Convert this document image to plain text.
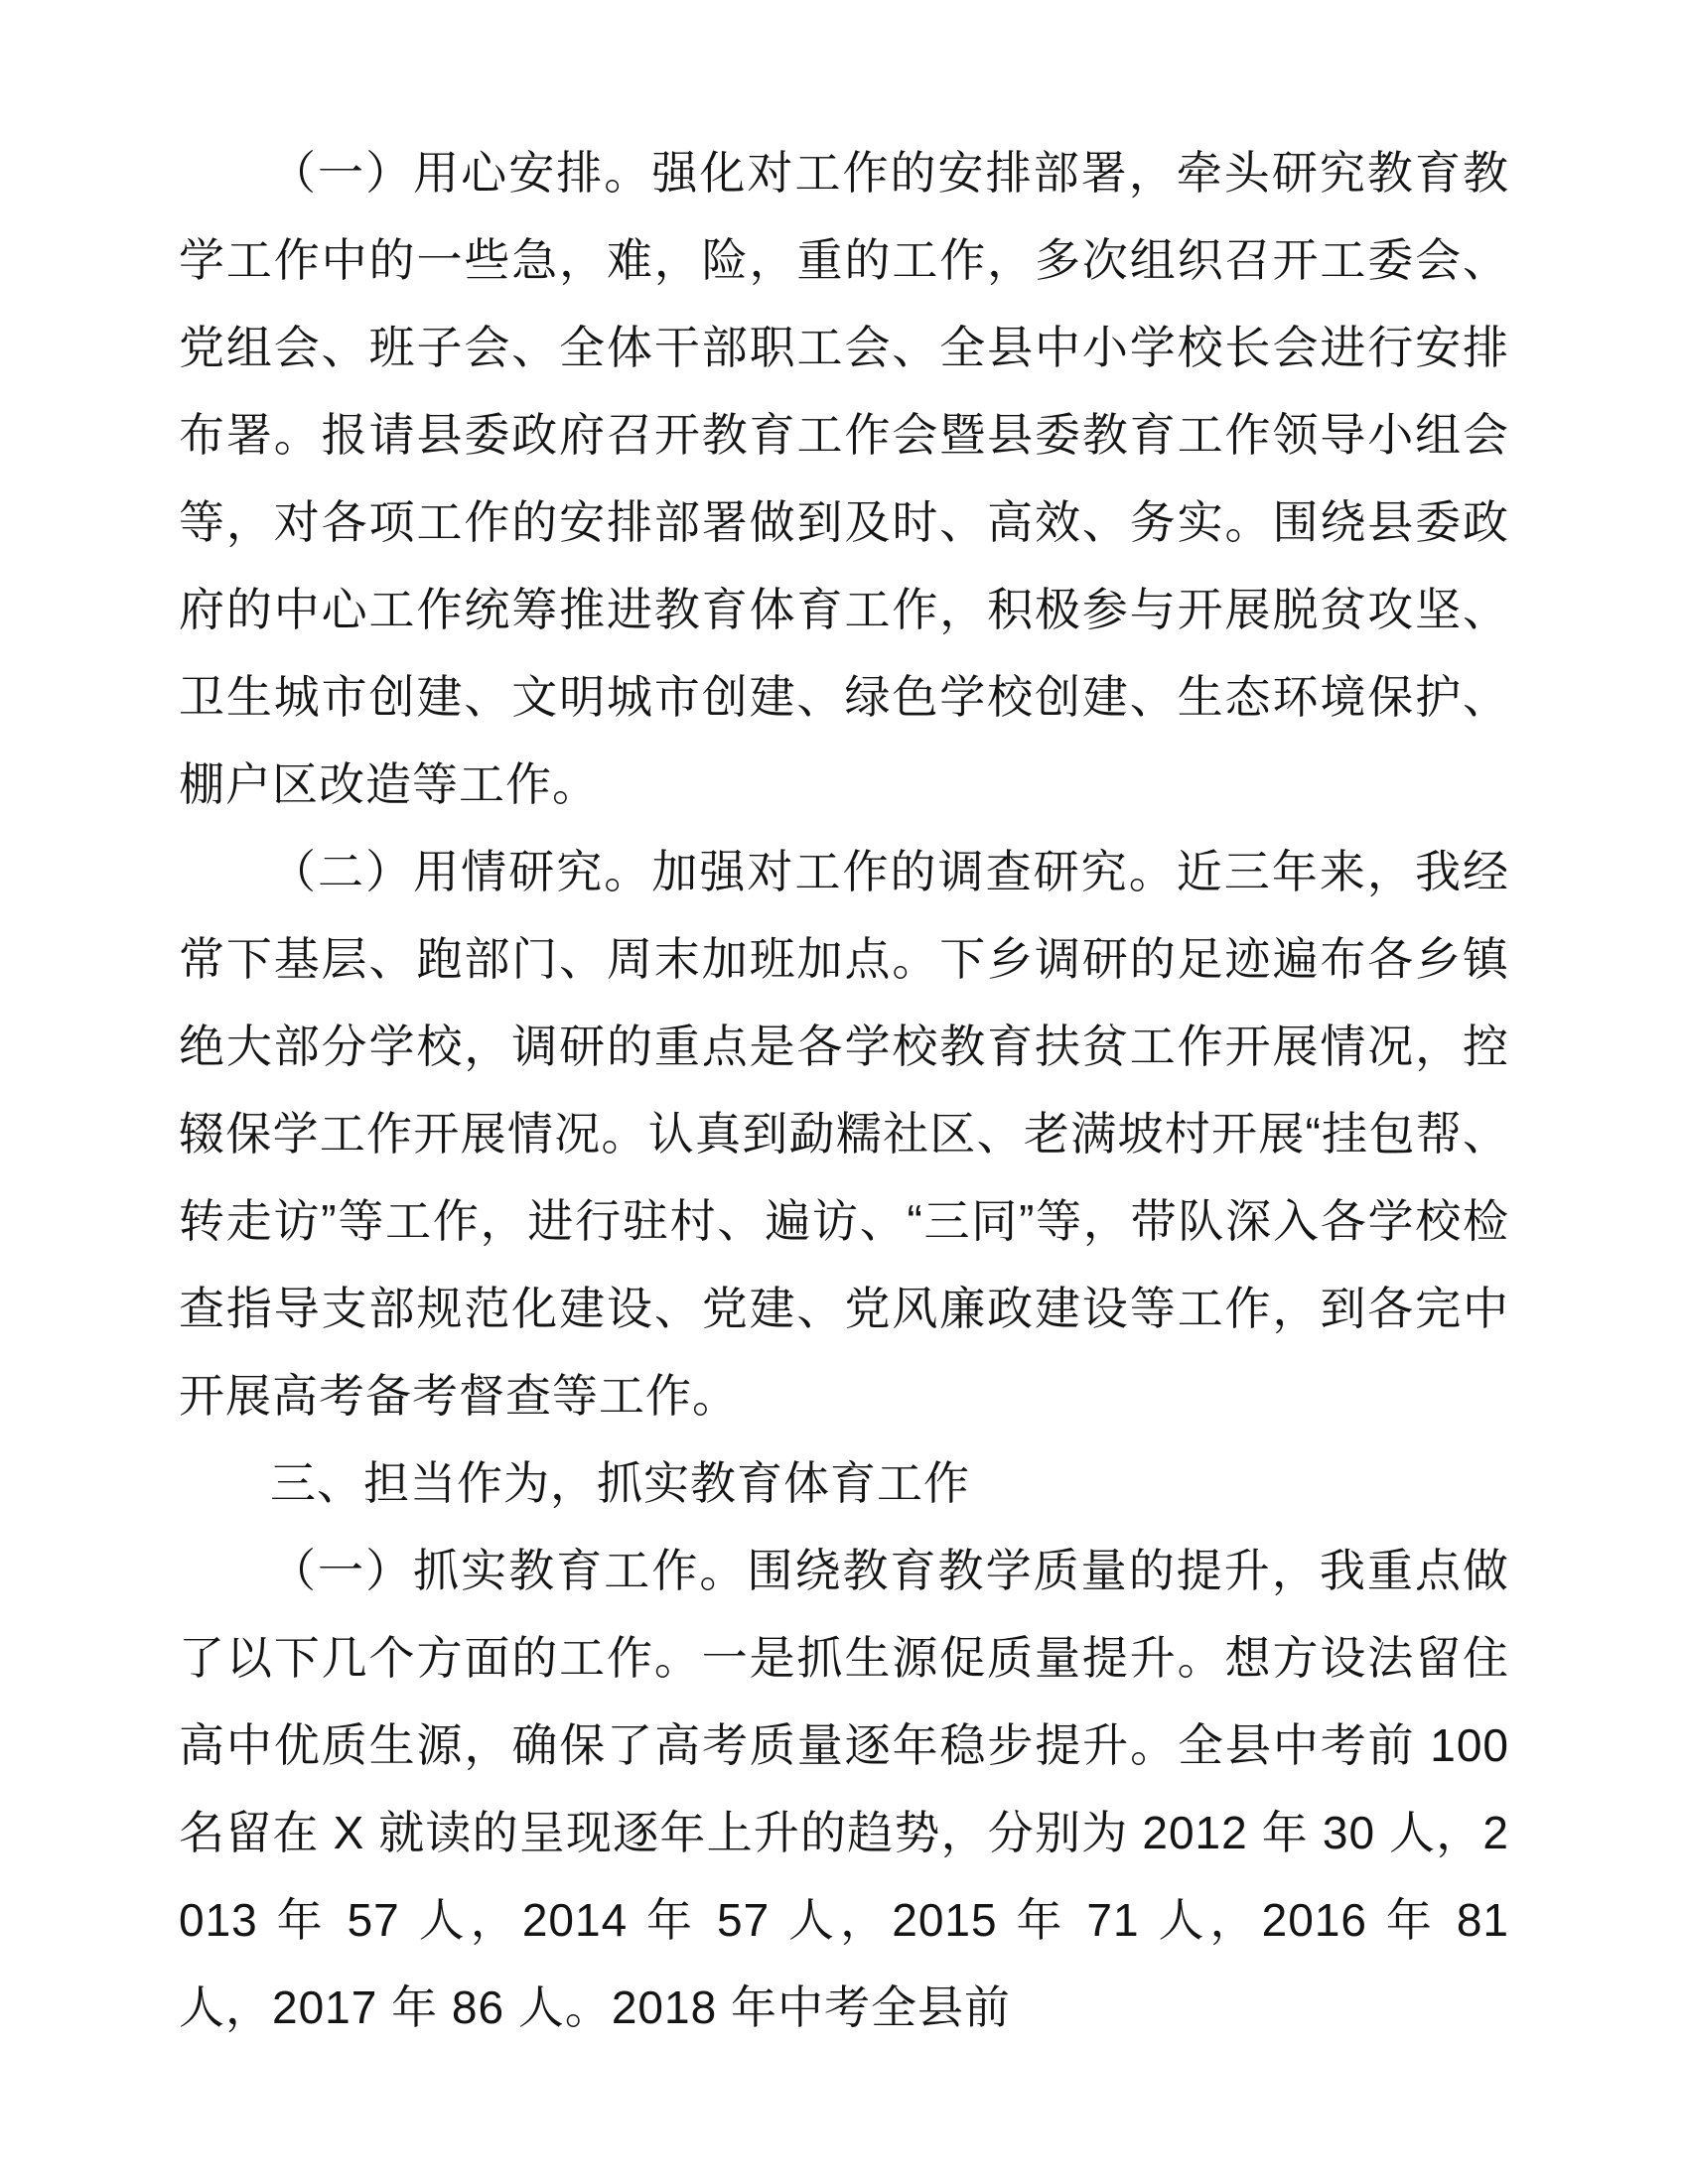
（一）用心安排。强化对工作的安排部署，牵头研究教育教学工作中的一些急，难，险，重的工作，多次组织召开工委会、党组会、班子会、全体干部职工会、全县中小学校长会进行安排布署。报请县委政府召开教育工作会暨县委教育工作领导小组会等，对各项工作的安排部署做到及时、高效、务实。围绕县委政府的中心工作统筹推进教育体育工作，积极参与开展脱贫攻坚、卫生城市创建、文明城市创建、绿色学校创建、生态环境保护、棚户区改造等工作。

（二）用情研究。加强对工作的调查研究。近三年来，我经常下基层、跑部门、周末加班加点。下乡调研的足迹遍布各乡镇绝大部分学校，调研的重点是各学校教育扶贫工作开展情况，控辍保学工作开展情况。认真到勐糯社区、老满坡村开展“挂包帮、转走访”等工作，进行驻村、遍访、“三同”等，带队深入各学校检查指导支部规范化建设、党建、党风廉政建设等工作，到各完中开展高考备考督查等工作。

三、担当作为，抓实教育体育工作

（一）抓实教育工作。围绕教育教学质量的提升，我重点做了以下几个方面的工作。一是抓生源促质量提升。想方设法留住高中优质生源，确保了高考质量逐年稳步提升。全县中考前 100 名留在 X 就读的呈现逐年上升的趋势，分别为 2012 年 30 人，2013 年 57 人，2014 年 57 人，2015 年 71 人，2016 年 81 人，2017 年 86 人。2018 年中考全县前
